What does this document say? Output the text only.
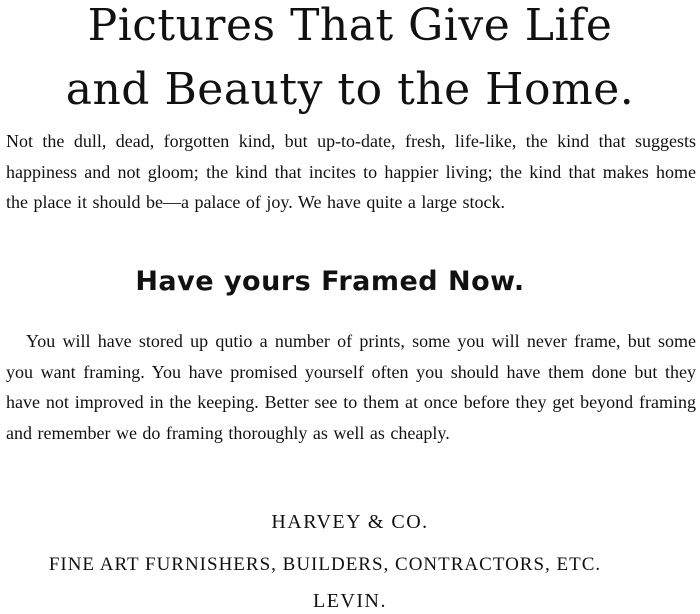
Pictures That Give Life
and Beauty to the Home.

Not the dull, dead, forgotten kind, but up-to-date, fresh, life-like, the kind that suggests happiness and not gloom; the kind that incites to happier living; the kind that makes home the place it should be—a palace of joy. We have quite a large stock.

Have yours Framed Now.

You will have stored up qutio a number of prints, some you will never frame, but some you want framing. You have promised yourself often you should have them done but they have not improved in the keeping. Better see to them at once before they get beyond framing and remember we do framing thoroughly as well as cheaply.

HARVEY & CO.

FINE ART FURNISHERS, BUILDERS, CONTRACTORS, ETC.

LEVIN.
